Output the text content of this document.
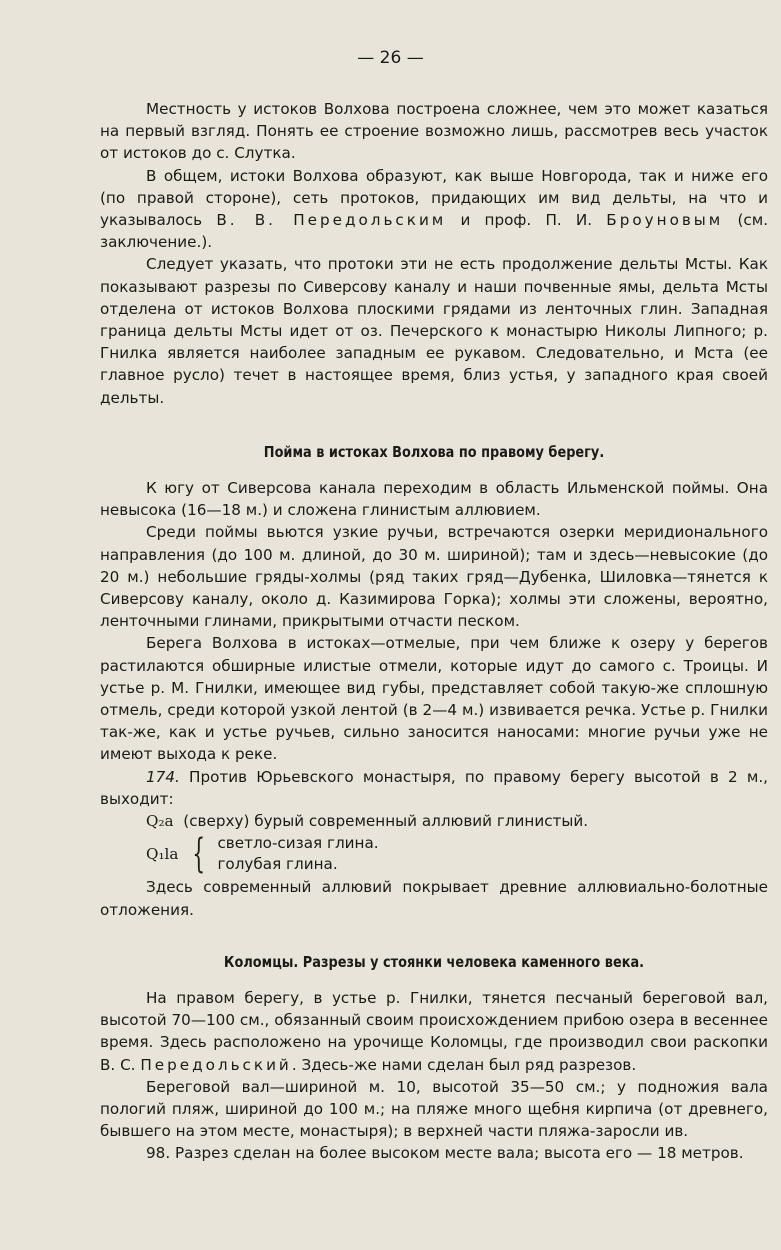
— 26 —

Местность у истоков Волхова построена сложнее, чем это может казаться на первый взгляд. Понять ее строение возможно лишь, рассмотрев весь участок от истоков до с. Слутка.

В общем, истоки Волхова образуют, как выше Новгорода, так и ниже его (по правой стороне), сеть протоков, придающих им вид дельты, на что и указывалось В. В. Передольским и проф. П. И. Броуновым (см. заключение.).

Следует указать, что протоки эти не есть продолжение дельты Мсты. Как показывают разрезы по Сиверсову каналу и наши почвенные ямы, дельта Мсты отделена от истоков Волхова плоскими грядами из ленточных глин. Западная граница дельты Мсты идет от оз. Печерского к монастырю Николы Липного; р. Гнилка является наиболее западным ее рукавом. Следовательно, и Мста (ее главное русло) течет в настоящее время, близ устья, у западного края своей дельты.

Пойма в истоках Волхова по правому берегу.

К югу от Сиверсова канала переходим в область Ильменской поймы. Она невысока (16—18 м.) и сложена глинистым аллювием.

Среди поймы вьются узкие ручьи, встречаются озерки меридионального направления (до 100 м. длиной, до 30 м. шириной); там и здесь—невысокие (до 20 м.) небольшие гряды-холмы (ряд таких гряд—Дубенка, Шиловка—тянется к Сиверсову каналу, около д. Казимирова Горка); холмы эти сложены, вероятно, ленточными глинами, прикрытыми отчасти песком.

Берега Волхова в истоках—отмелые, при чем ближе к озеру у берегов растилаются обширные илистые отмели, которые идут до самого с. Троицы. И устье р. М. Гнилки, имеющее вид губы, представляет собой такую-же сплошную отмель, среди которой узкой лентой (в 2—4 м.) извивается речка. Устье р. Гнилки так-же, как и устье ручьев, сильно заносится наносами: многие ручьи уже не имеют выхода к реке.

174. Против Юрьевского монастыря, по правому берегу высотой в 2 м., выходит:

Q₂a (сверху) бурый современный аллювий глинистый.
Q₁la { светло-сизая глина.
голубая глина.

Здесь современный аллювий покрывает древние аллювиально-болотные отложения.

Коломцы. Разрезы у стоянки человека каменного века.

На правом берегу, в устье р. Гнилки, тянется песчаный береговой вал, высотой 70—100 см., обязанный своим происхождением прибою озера в весеннее время. Здесь расположено на урочище Коломцы, где производил свои раскопки В. С. Передольский. Здесь-же нами сделан был ряд разрезов.

Береговой вал—шириной м. 10, высотой 35—50 см.; у подножия вала пологий пляж, шириной до 100 м.; на пляже много щебня кирпича (от древнего, бывшего на этом месте, монастыря); в верхней части пляжа-заросли ив.

98. Разрез сделан на более высоком месте вала; высота его — 18 метров.
